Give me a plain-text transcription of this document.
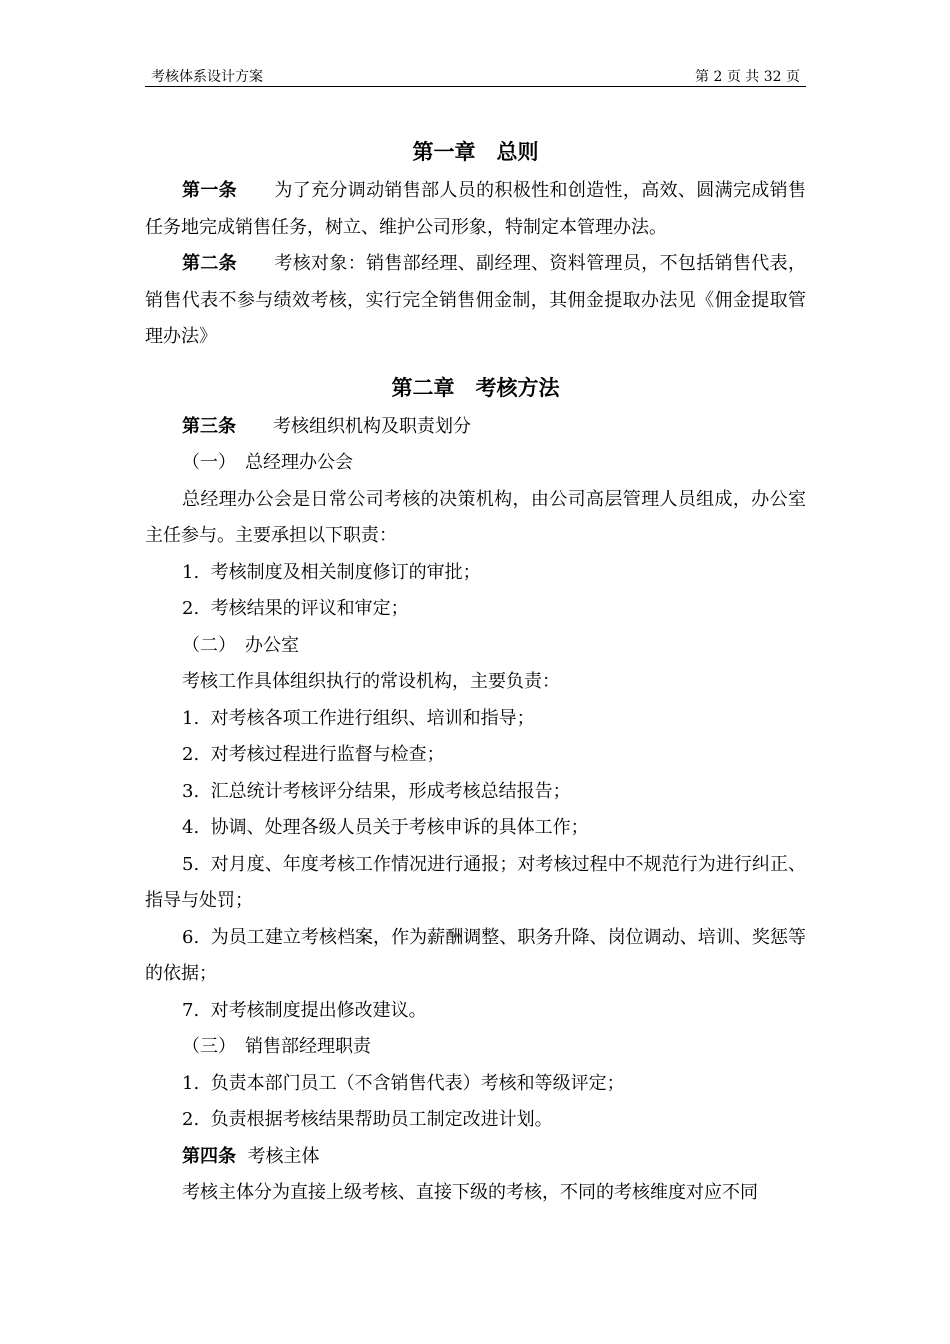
考核体系设计方案	第 2 页 共 32 页
第一章　总则
第一条 为了充分调动销售部人员的积极性和创造性，高效、圆满完成销售任务地完成销售任务，树立、维护公司形象，特制定本管理办法。
第二条 考核对象：销售部经理、副经理、资料管理员，不包括销售代表，销售代表不参与绩效考核，实行完全销售佣金制，其佣金提取办法见《佣金提取管理办法》
第二章　考核方法
第三条 考核组织机构及职责划分
（一）　总经理办公会
总经理办公会是日常公司考核的决策机构，由公司高层管理人员组成，办公室主任参与。主要承担以下职责：
1.  考核制度及相关制度修订的审批；
2.  考核结果的评议和审定；
（二）　办公室
考核工作具体组织执行的常设机构，主要负责：
1.  对考核各项工作进行组织、培训和指导；
2.  对考核过程进行监督与检查；
3.  汇总统计考核评分结果，形成考核总结报告；
4.  协调、处理各级人员关于考核申诉的具体工作；
5.  对月度、年度考核工作情况进行通报；对考核过程中不规范行为进行纠正、指导与处罚；
6.  为员工建立考核档案，作为薪酬调整、职务升降、岗位调动、培训、奖惩等的依据；
7.  对考核制度提出修改建议。
（三）　销售部经理职责
1.  负责本部门员工（不含销售代表）考核和等级评定；
2.  负责根据考核结果帮助员工制定改进计划。
第四条 考核主体
考核主体分为直接上级考核、直接下级的考核，不同的考核维度对应不同
